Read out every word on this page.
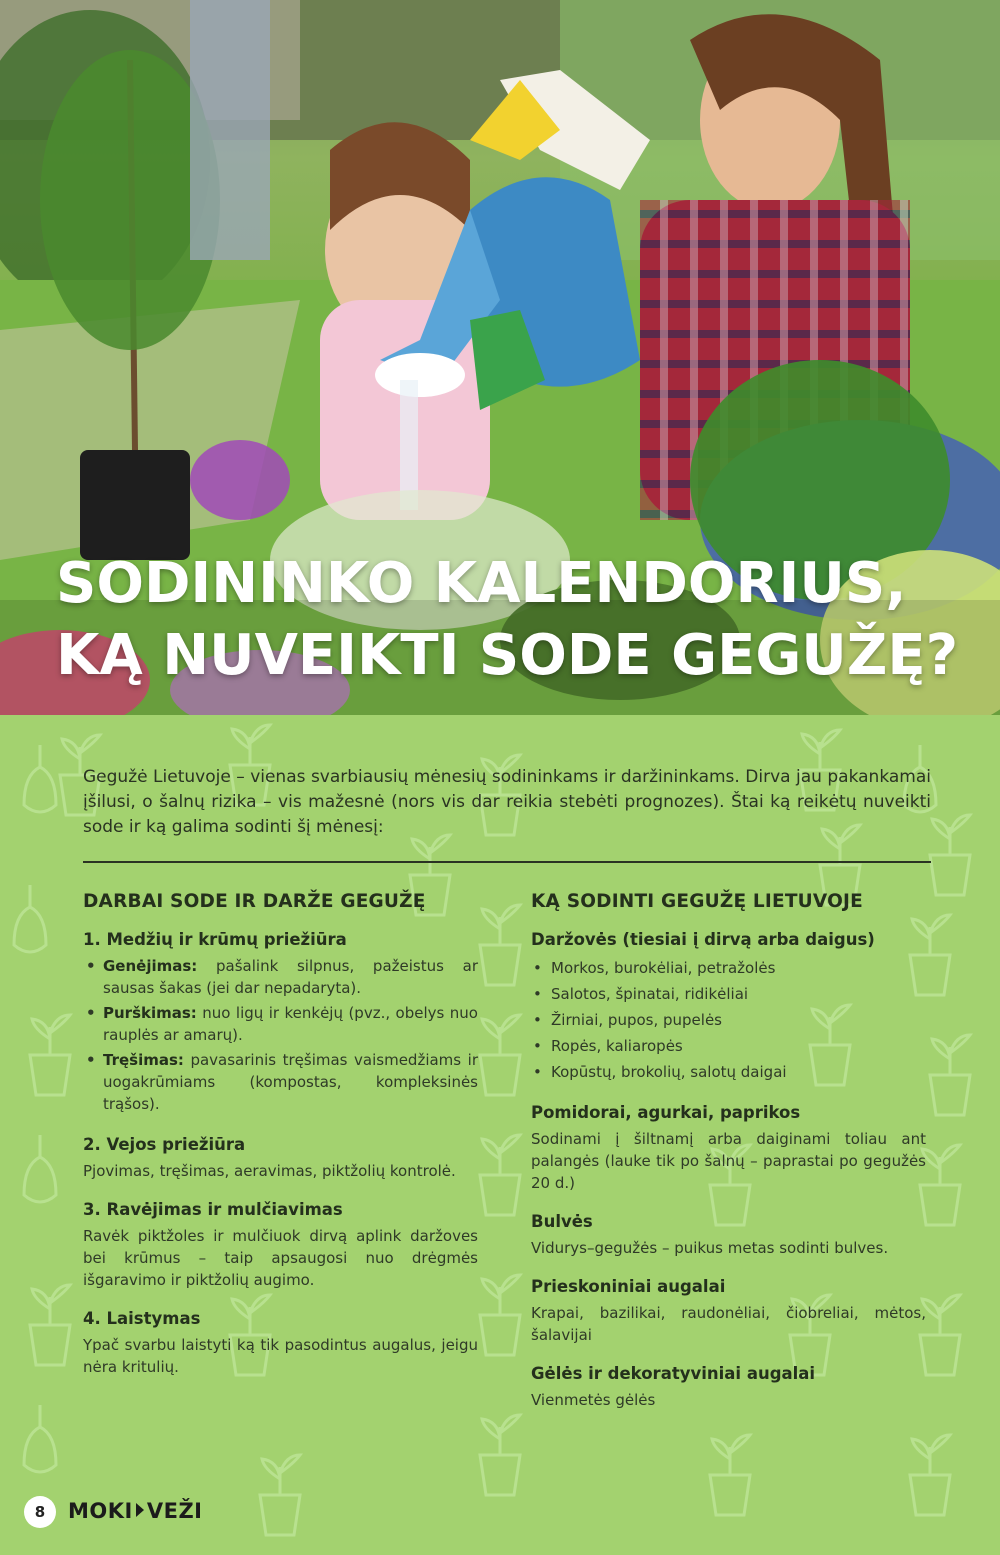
SODININKO KALENDORIUS,
KĄ NUVEIKTI SODE GEGUŽĘ?

Gegužė Lietuvoje – vienas svarbiausių mėnesių sodininkams ir daržininkams. Dirva jau pakankamai įšilusi, o šalnų rizika – vis mažesnė (nors vis dar reikia stebėti prognozes). Štai ką reikėtų nuveikti sode ir ką galima sodinti šį mėnesį:

DARBAI SODE IR DARŽE GEGUŽĘ
1. Medžių ir krūmų priežiūra
• Genėjimas: pašalink silpnus, pažeistus ar sausas šakas (jei dar nepadaryta).
• Purškimas: nuo ligų ir kenkėjų (pvz., obelys nuo rauplės ar amarų).
• Tręšimas: pavasarinis tręšimas vaismedžiams ir uogakrūmiams (kompostas, kompleksinės trąšos).
2. Vejos priežiūra

Pjovimas, tręšimas, aeravimas, piktžolių kontrolė.

3. Ravėjimas ir mulčiavimas

Ravėk piktžoles ir mulčiuok dirvą aplink daržoves bei krūmus – taip apsaugosi nuo drėgmės išgaravimo ir piktžolių augimo.

4. Laistymas

Ypač svarbu laistyti ką tik pasodintus augalus, jeigu nėra kritulių.

KĄ SODINTI GEGUŽĘ LIETUVOJE
Daržovės (tiesiai į dirvą arba daigus)
• Morkos, burokėliai, petražolės
• Salotos, špinatai, ridikėliai
• Žirniai, pupos, pupelės
• Ropės, kaliaropės
• Kopūstų, brokolių, salotų daigai
Pomidorai, agurkai, paprikos

Sodinami į šiltnamį arba daiginami toliau ant palangės (lauke tik po šalnų – paprastai po gegužės 20 d.)

Bulvės

Vidurys–gegužės – puikus metas sodinti bulves.

Prieskoniniai augalai

Krapai, bazilikai, raudonėliai, čiobreliai, mėtos, šalavijai

Gėlės ir dekoratyviniai augalai

Vienmetės gėlės

8	MOKI VEŽI
